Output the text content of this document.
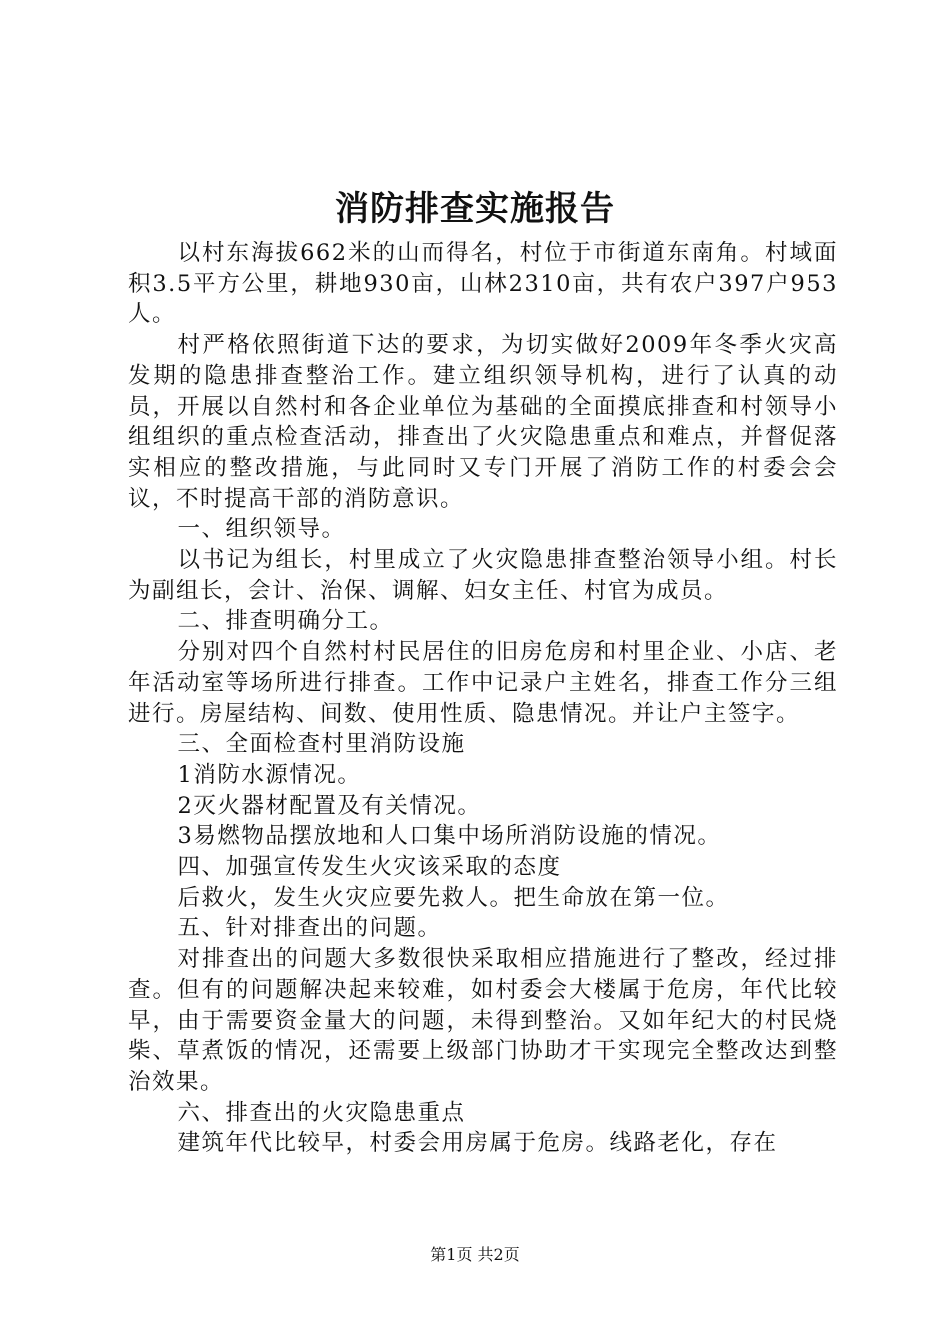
消防排查实施报告

以村东海拔662米的山而得名，村位于市街道东南角。村域面积3.5平方公里，耕地930亩，山林2310亩，共有农户397户953人。

村严格依照街道下达的要求，为切实做好2009年冬季火灾高发期的隐患排查整治工作。建立组织领导机构，进行了认真的动员，开展以自然村和各企业单位为基础的全面摸底排查和村领导小组组织的重点检查活动，排查出了火灾隐患重点和难点，并督促落实相应的整改措施，与此同时又专门开展了消防工作的村委会会议，不时提高干部的消防意识。

一、组织领导。

以书记为组长，村里成立了火灾隐患排查整治领导小组。村长为副组长，会计、治保、调解、妇女主任、村官为成员。

二、排查明确分工。

分别对四个自然村村民居住的旧房危房和村里企业、小店、老年活动室等场所进行排查。工作中记录户主姓名，排查工作分三组进行。房屋结构、间数、使用性质、隐患情况。并让户主签字。

三、全面检查村里消防设施

1消防水源情况。

2灭火器材配置及有关情况。

3易燃物品摆放地和人口集中场所消防设施的情况。

四、加强宣传发生火灾该采取的态度

后救火，发生火灾应要先救人。把生命放在第一位。

五、针对排查出的问题。

对排查出的问题大多数很快采取相应措施进行了整改，经过排查。但有的问题解决起来较难，如村委会大楼属于危房，年代比较早，由于需要资金量大的问题，未得到整治。又如年纪大的村民烧柴、草煮饭的情况，还需要上级部门协助才干实现完全整改达到整治效果。

六、排查出的火灾隐患重点

建筑年代比较早，村委会用房属于危房。线路老化，存在

第1页 共2页
